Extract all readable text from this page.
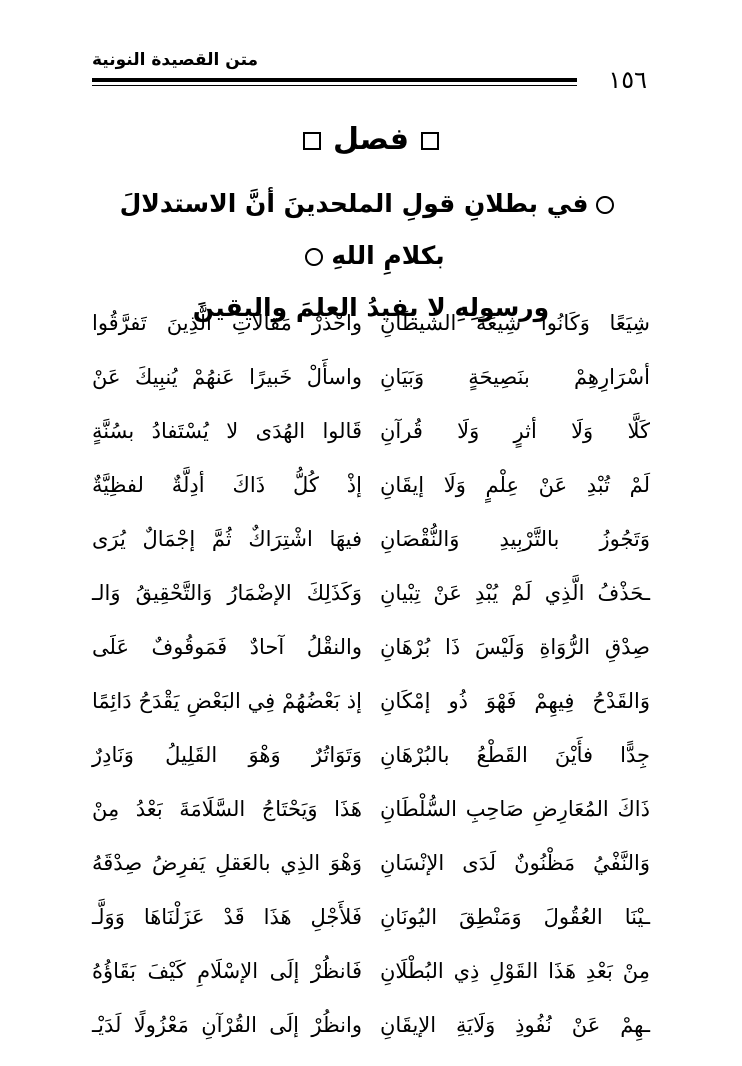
متن القصيدة النونية
١٥٦
فصل
في بطلانِ قولِ الملحدينَ أنَّ الاستدلالَ بكلامِ اللهِ
ورسولِهِ لا يفيدُ العلمَ واليقينَ
واحْذرْ مَقالاتِ الَّذِينَ تَفرَّقُوا شِيَعًا وَكَانُوا شِيعَةَ الشيطَانِ
واسأَلْ خَبيرًا عَنهُمْ يُنبِيكَ عَنْ أسْرَارِهِمْ بنَصِيحَةٍ وَبَيَانِ
قَالوا الهُدَى لا يُسْتَفادُ بسُنَّةٍ كَلَّا وَلَا أثرٍ وَلَا قُرآنِ
إذْ كُلُّ ذَاكَ أدِلَّةٌ لفظِيَّةٌ لَمْ تُبْدِ عَنْ عِلْمٍ وَلَا إيقَانِ
فيهَا اشْتِرَاكٌ ثُمَّ إجْمَالٌ يُرَى وَتَجُوزُ بالتَّرْبِيدِ وَالنُّقْصَانِ
وَكَذَلِكَ الإضْمَارُ وَالتَّحْقِيقُ وَالـ ـحَذْفُ الَّذِي لَمْ يُبْدِ عَنْ تِبْيانِ
والنقْلُ آحادٌ فَمَوقُوفٌ عَلَى صِدْقِ الرُّوَاةِ وَلَيْسَ ذَا بُرْهَانِ
إذ بَعْضُهُمْ فِي البَعْضِ يَقْدَحُ دَائِمًا وَالقَدْحُ فِيهِمْ فَهْوَ ذُو إمْكَانِ
وَتَوَاتُرٌ وَهْوَ القَلِيلُ وَنَادِرٌ جِدًّا فأَيْنَ القَطْعُ بالبُرْهَانِ
هَذَا وَيَحْتَاجُ السَّلَامَةَ بَعْدُ مِنْ ذَاكَ المُعَارِضِ صَاحِبِ السُّلْطَانِ
وَهْوَ الذِي بالعَقلِ يَفرِضُ صِدْقَهُ وَالنَّفْيُ مَظْنُونٌ لَدَى الإنْسَانِ
فَلأَجْلِ هَذَا قَدْ عَزَلْنَاهَا وَوَلَّـ ـيْنَا العُقُولَ وَمَنْطِقَ اليُونَانِ
فَانظُرْ إلَى الإسْلَامِ كَيْفَ بَقَاؤُهُ مِنْ بَعْدِ هَذَا القَوْلِ ذِي البُطْلَانِ
وانظُرْ إلَى القُرْآنِ مَعْزُولًا لَدَيْـ ـهِمْ عَنْ نُفُوذِ وَلَايَةِ الإيقَانِ
